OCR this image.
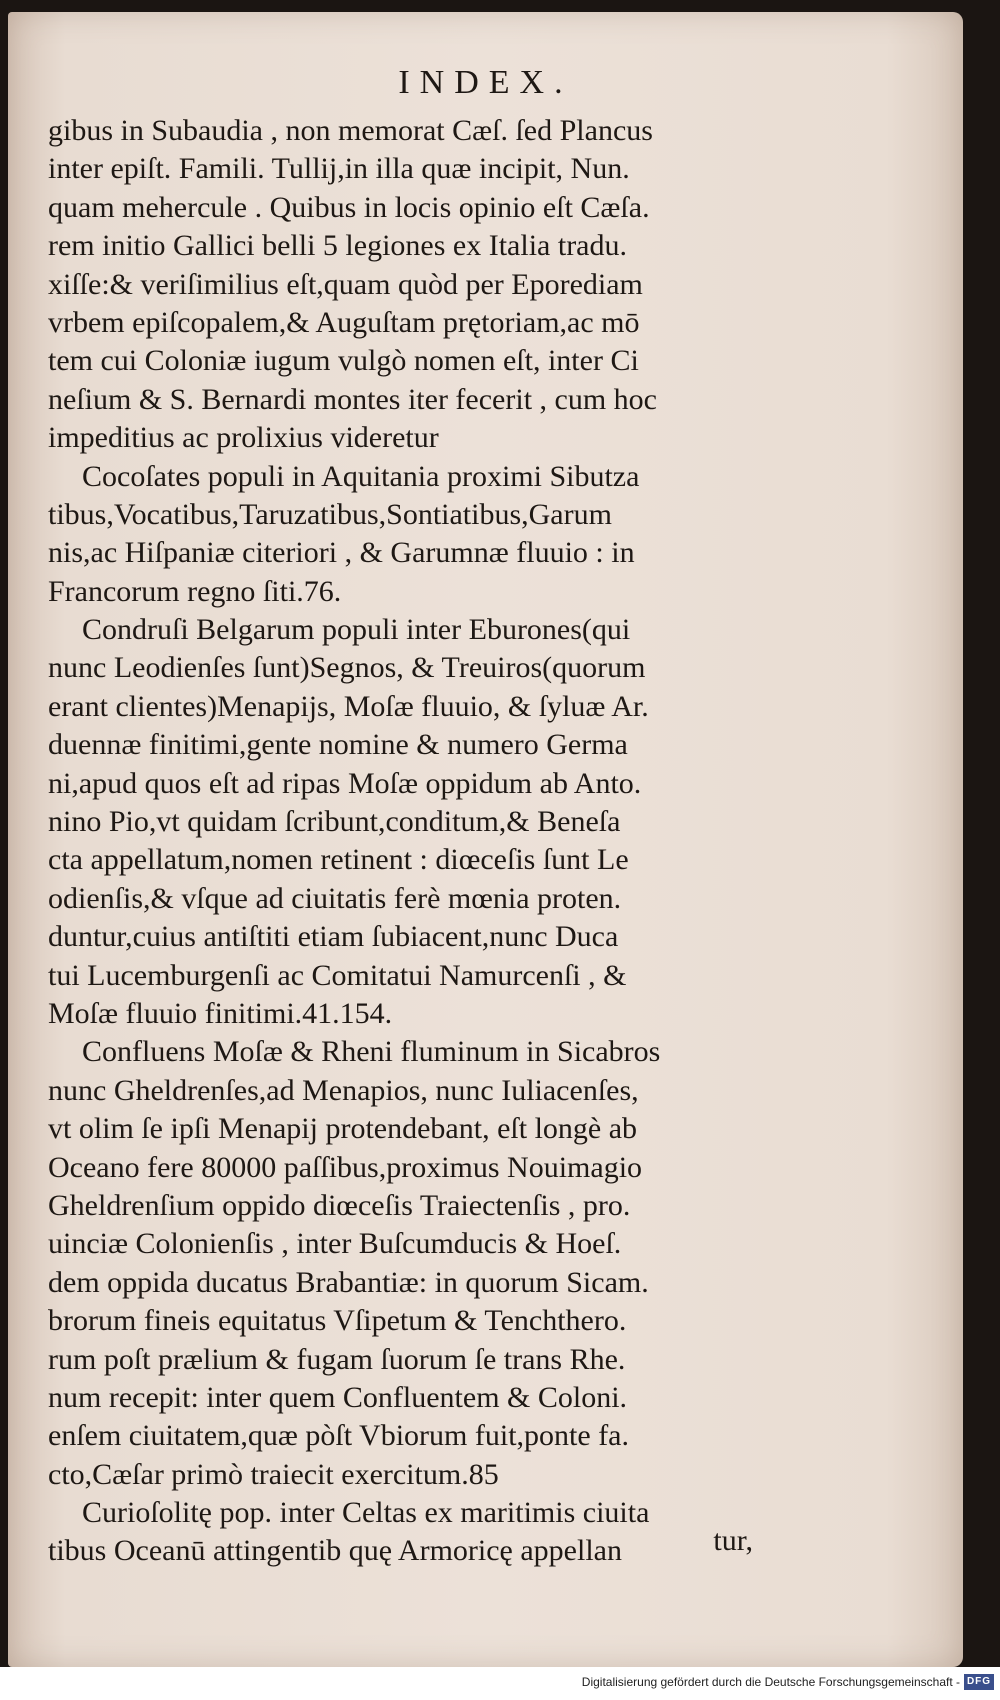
INDEX.
gibus in Subaudia , non memorat Cæſ. ſed Plancus
inter epiſt. Famili. Tullij,in illa quæ incipit, Nun.
quam mehercule . Quibus in locis opinio eſt Cæſa.
rem initio Gallici belli 5 legiones ex Italia tradu.
xiſſe:& veriſimilius eſt,quam quòd per Eporediam
vrbem epiſcopalem,& Auguſtam prętoriam,ac mō
tem cui Coloniæ iugum vulgò nomen eſt, inter Ci
neſium & S. Bernardi montes iter fecerit , cum hoc
impeditius ac prolixius videretur
Cocoſates populi in Aquitania proximi Sibutza
tibus,Vocatibus,Taruzatibus,Sontiatibus,Garum
nis,ac Hiſpaniæ citeriori , & Garumnæ fluuio : in
Francorum regno ſiti.76.
Condruſi Belgarum populi inter Eburones(qui
nunc Leodienſes ſunt)Segnos, & Treuiros(quorum
erant clientes)Menapijs, Moſæ fluuio, & ſyluæ Ar.
duennæ finitimi,gente nomine & numero Germa
ni,apud quos eſt ad ripas Moſæ oppidum ab Anto.
nino Pio,vt quidam ſcribunt,conditum,& Beneſa
cta appellatum,nomen retinent : diœceſis ſunt Le
odienſis,& vſque ad ciuitatis ferè mœnia proten.
duntur,cuius antiſtiti etiam ſubiacent,nunc Duca
tui Lucemburgenſi ac Comitatui Namurcenſi , &
Moſæ fluuio finitimi.41.154.
Confluens Moſæ & Rheni fluminum in Sicabros
nunc Gheldrenſes,ad Menapios, nunc Iuliacenſes,
vt olim ſe ipſi Menapij protendebant, eſt longè ab
Oceano fere 80000 paſſibus,proximus Nouimagio
Gheldrenſium oppido diœceſis Traiectenſis , pro.
uinciæ Colonienſis , inter Buſcumducis & Hoeſ.
dem oppida ducatus Brabantiæ: in quorum Sicam.
brorum fineis equitatus Vſipetum & Tenchthero.
rum poſt prælium & fugam ſuorum ſe trans Rhe.
num recepit: inter quem Confluentem & Coloni.
enſem ciuitatem,quæ pòſt Vbiorum fuit,ponte fa.
cto,Cæſar primò traiecit exercitum.85
Curioſolitę pop. inter Celtas ex maritimis ciuita
tibus Oceanū attingentib quę Armoricę appellan	tur,
Digitalisierung gefördert durch die Deutsche Forschungsgemeinschaft - DFG
